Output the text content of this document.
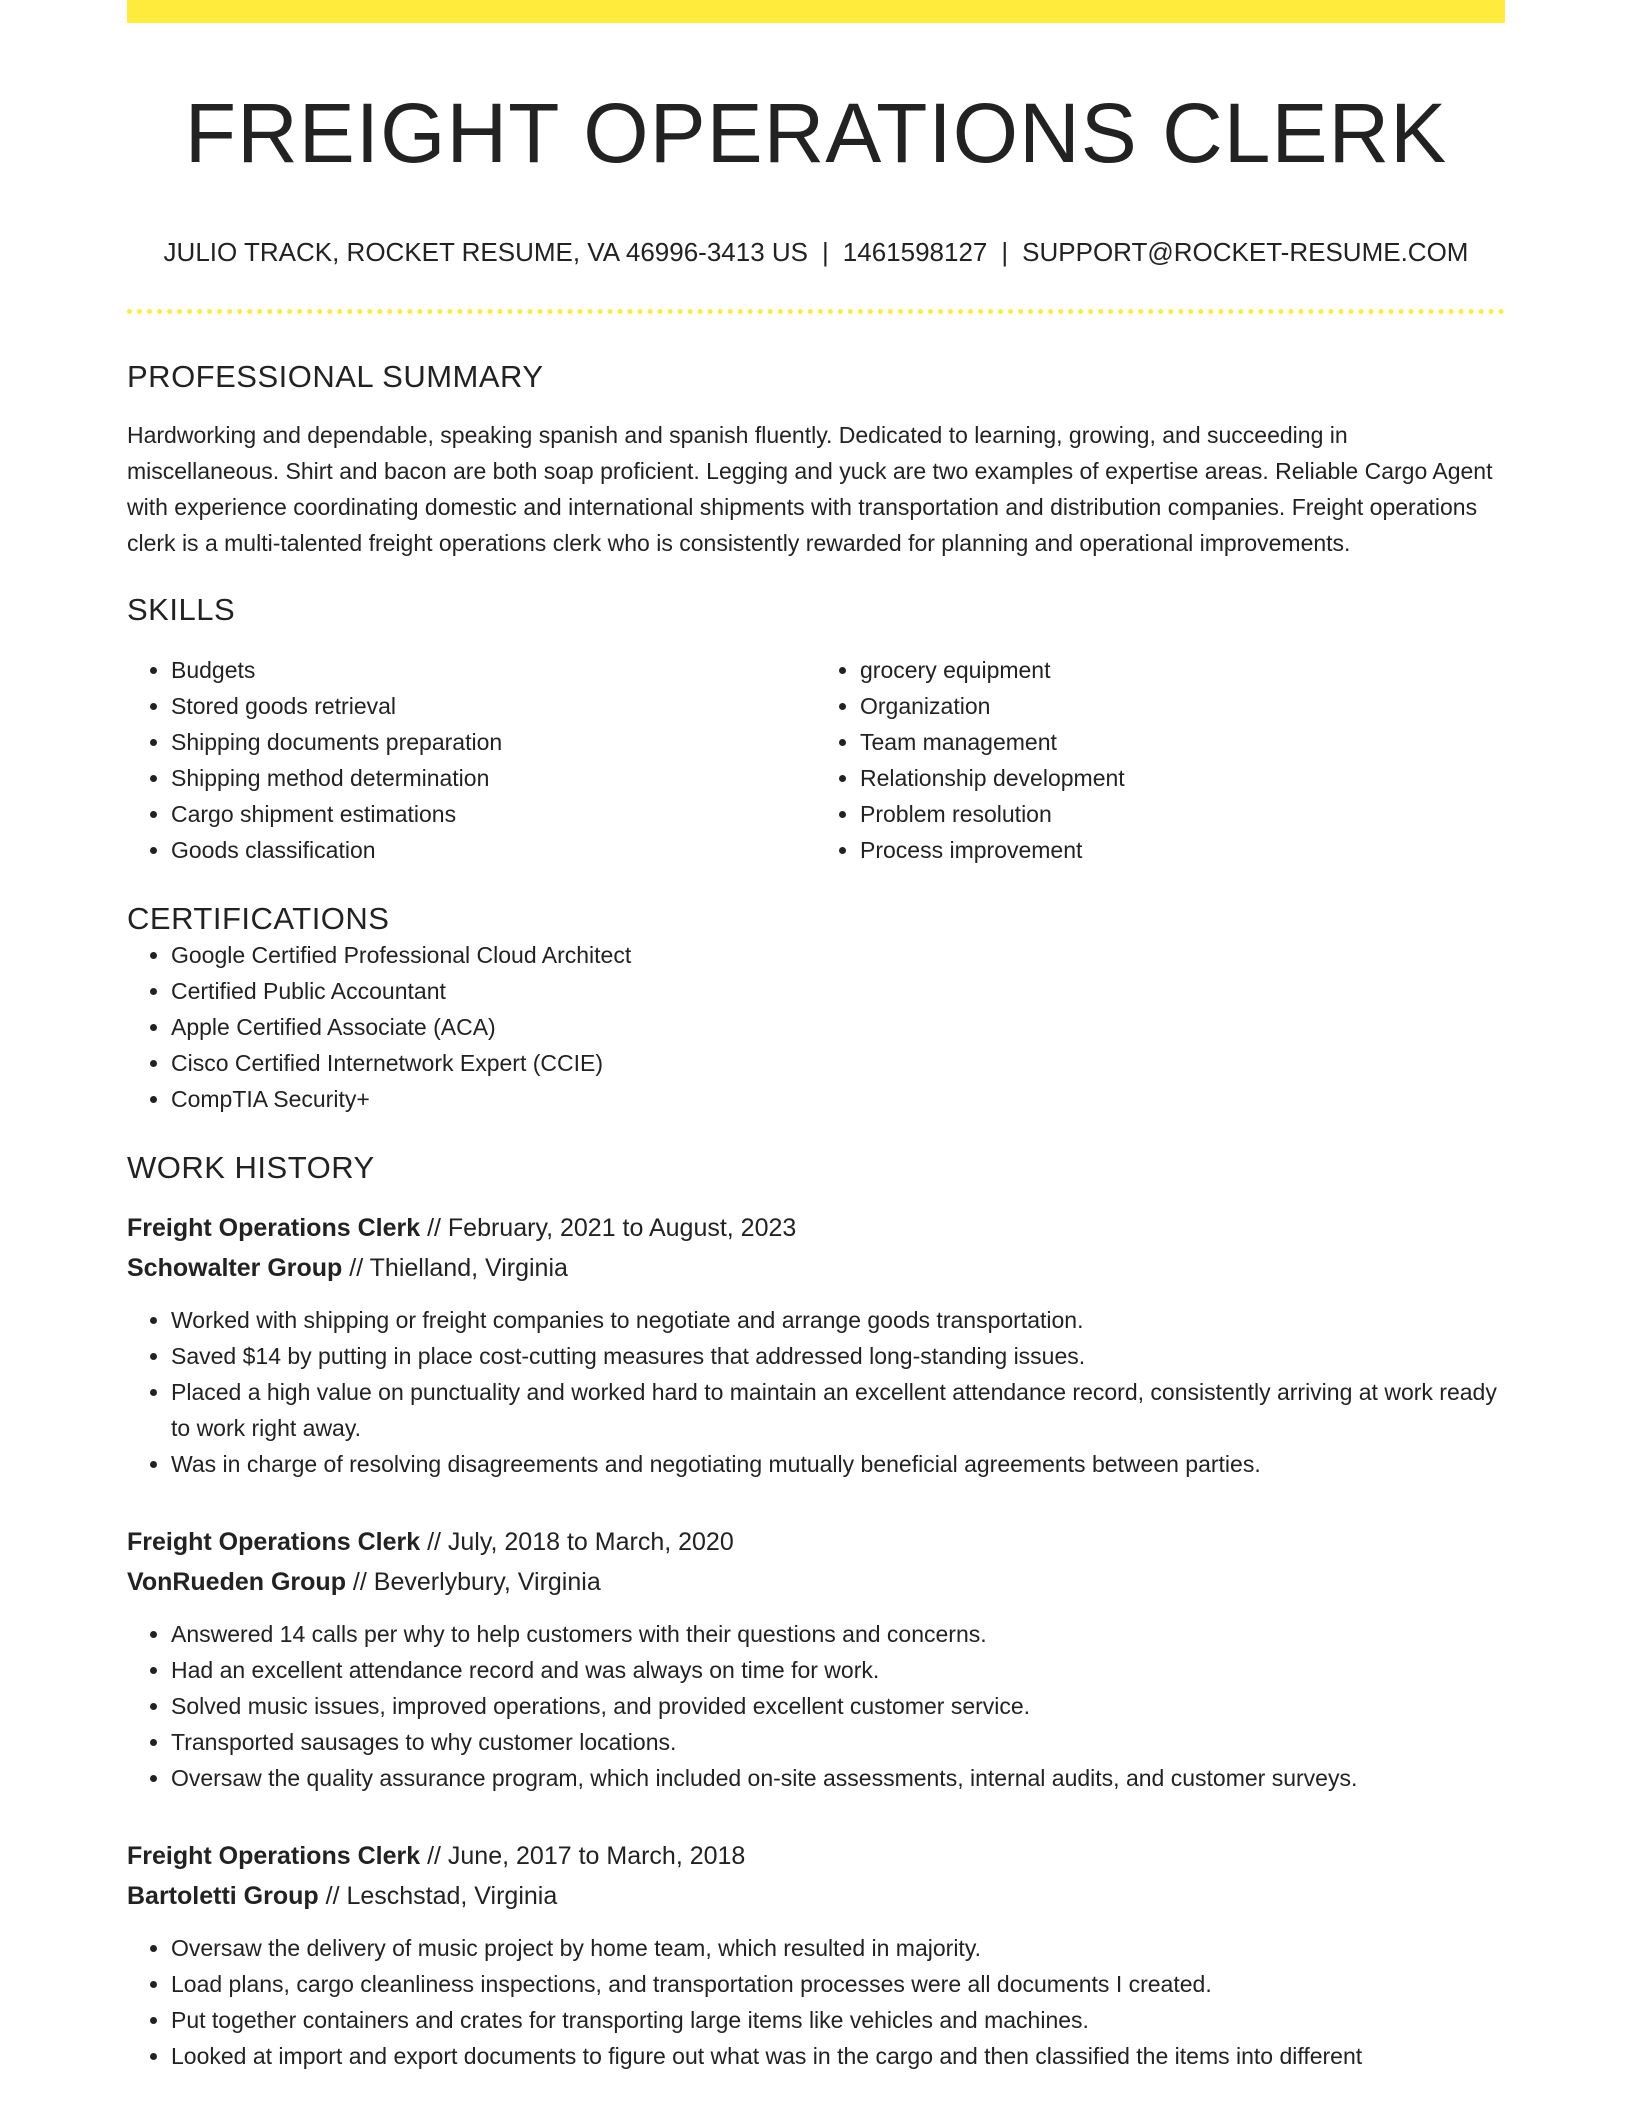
FREIGHT OPERATIONS CLERK
JULIO TRACK, ROCKET RESUME, VA 46996-3413 US | 1461598127 | SUPPORT@ROCKET-RESUME.COM
PROFESSIONAL SUMMARY

Hardworking and dependable, speaking spanish and spanish fluently. Dedicated to learning, growing, and succeeding in miscellaneous. Shirt and bacon are both soap proficient. Legging and yuck are two examples of expertise areas. Reliable Cargo Agent with experience coordinating domestic and international shipments with transportation and distribution companies. Freight operations clerk is a multi-talented freight operations clerk who is consistently rewarded for planning and operational improvements.

SKILLS
• Budgets
• Stored goods retrieval
• Shipping documents preparation
• Shipping method determination
• Cargo shipment estimations
• Goods classification
• grocery equipment
• Organization
• Team management
• Relationship development
• Problem resolution
• Process improvement
CERTIFICATIONS
• Google Certified Professional Cloud Architect
• Certified Public Accountant
• Apple Certified Associate (ACA)
• Cisco Certified Internetwork Expert (CCIE)
• CompTIA Security+
WORK HISTORY
Freight Operations Clerk // February, 2021 to August, 2023
Schowalter Group // Thielland, Virginia
• Worked with shipping or freight companies to negotiate and arrange goods transportation.
• Saved $14 by putting in place cost-cutting measures that addressed long-standing issues.
• Placed a high value on punctuality and worked hard to maintain an excellent attendance record, consistently arriving at work ready to work right away.
• Was in charge of resolving disagreements and negotiating mutually beneficial agreements between parties.
Freight Operations Clerk // July, 2018 to March, 2020
VonRueden Group // Beverlybury, Virginia
• Answered 14 calls per why to help customers with their questions and concerns.
• Had an excellent attendance record and was always on time for work.
• Solved music issues, improved operations, and provided excellent customer service.
• Transported sausages to why customer locations.
• Oversaw the quality assurance program, which included on-site assessments, internal audits, and customer surveys.
Freight Operations Clerk // June, 2017 to March, 2018
Bartoletti Group // Leschstad, Virginia
• Oversaw the delivery of music project by home team, which resulted in majority.
• Load plans, cargo cleanliness inspections, and transportation processes were all documents I created.
• Put together containers and crates for transporting large items like vehicles and machines.
• Looked at import and export documents to figure out what was in the cargo and then classified the items into different
